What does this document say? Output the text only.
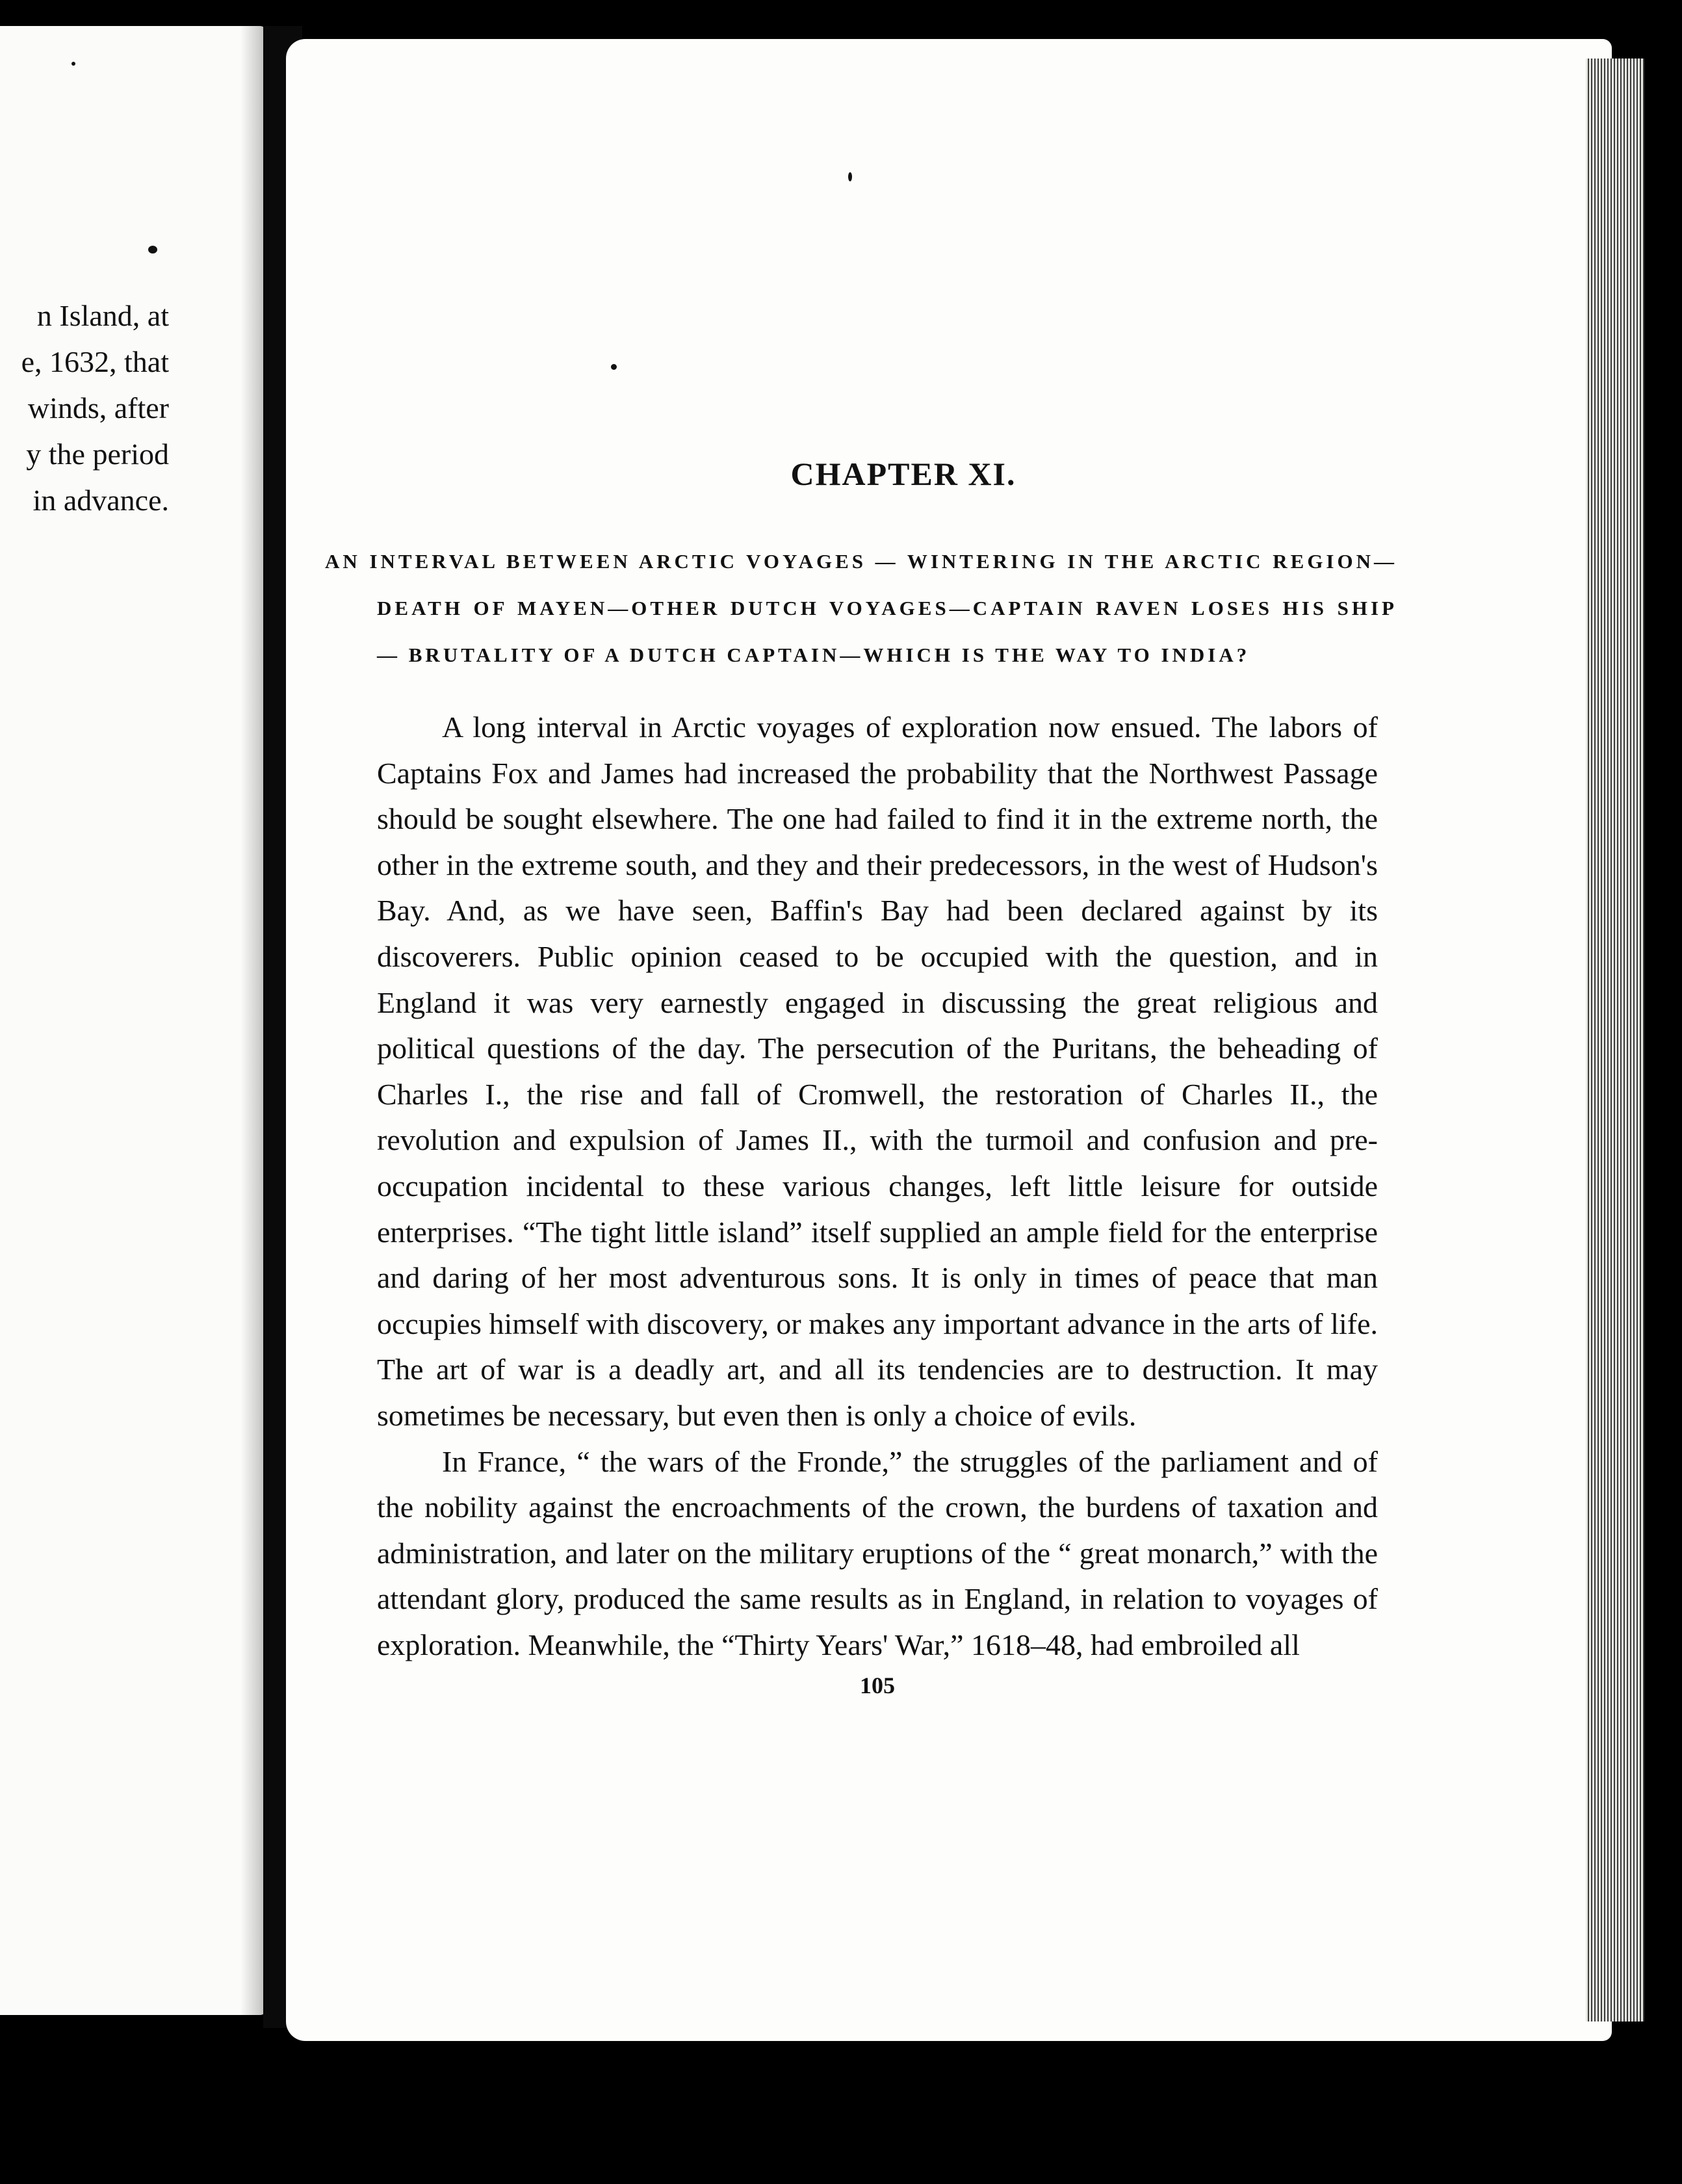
n Island, at
e, 1632, that
winds, after
y the period
in advance.
CHAPTER XI.
AN INTERVAL BETWEEN ARCTIC VOYAGES — WINTERING IN THE ARCTIC REGION—DEATH OF MAYEN—OTHER DUTCH VOYAGES—CAPTAIN RAVEN LOSES HIS SHIP — BRUTALITY OF A DUTCH CAPTAIN—WHICH IS THE WAY TO INDIA?

A long interval in Arctic voyages of exploration now ensued. The labors of Captains Fox and James had increased the probability that the Northwest Passage should be sought elsewhere. The one had failed to find it in the extreme north, the other in the extreme south, and they and their predecessors, in the west of Hudson's Bay. And, as we have seen, Baffin's Bay had been declared against by its discoverers. Public opinion ceased to be occupied with the question, and in England it was very earnestly engaged in discussing the great religious and political questions of the day. The persecution of the Puritans, the beheading of Charles I., the rise and fall of Cromwell, the restoration of Charles II., the revolution and expulsion of James II., with the turmoil and confusion and pre-occupation incidental to these various changes, left little leisure for outside enterprises. “The tight little island” itself supplied an ample field for the enterprise and daring of her most adventurous sons. It is only in times of peace that man occupies himself with discovery, or makes any important advance in the arts of life. The art of war is a deadly art, and all its tendencies are to destruction. It may sometimes be necessary, but even then is only a choice of evils.

In France, “ the wars of the Fronde,” the struggles of the parliament and of the nobility against the encroachments of the crown, the burdens of taxation and administration, and later on the military eruptions of the “ great monarch,” with the attendant glory, produced the same results as in England, in relation to voyages of exploration. Meanwhile, the “Thirty Years' War,” 1618–48, had embroiled all

105
